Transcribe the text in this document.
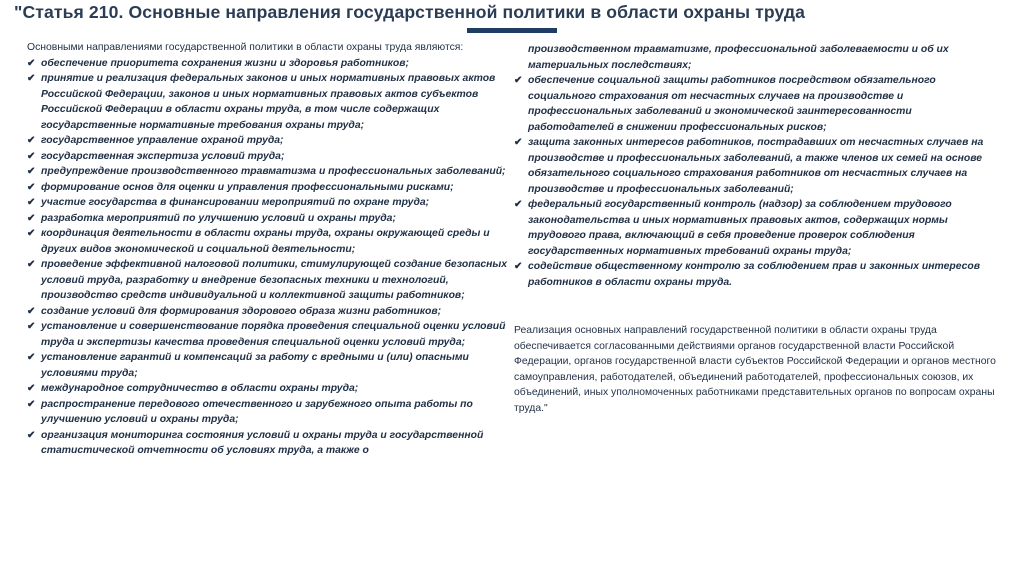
"Статья 210. Основные направления государственной политики в области охраны труда

Основными направлениями государственной политики в области охраны труда являются:

✔ обеспечение приоритета сохранения жизни и здоровья работников;
✔ принятие и реализация федеральных законов и иных нормативных правовых актов Российской Федерации, законов и иных нормативных правовых актов субъектов Российской Федерации в области охраны труда, в том числе содержащих государственные нормативные требования охраны труда;
✔ государственное управление охраной труда;
✔ государственная экспертиза условий труда;
✔ предупреждение производственного травматизма и профессиональных заболеваний;
✔ формирование основ для оценки и управления профессиональными рисками;
✔ участие государства в финансировании мероприятий по охране труда;
✔ разработка мероприятий по улучшению условий и охраны труда;
✔ координация деятельности в области охраны труда, охраны окружающей среды и других видов экономической и социальной деятельности;
✔ проведение эффективной налоговой политики, стимулирующей создание безопасных условий труда, разработку и внедрение безопасных техники и технологий, производство средств индивидуальной и коллективной защиты работников;
✔ создание условий для формирования здорового образа жизни работников;
✔ установление и совершенствование порядка проведения специальной оценки условий труда и экспертизы качества проведения специальной оценки условий труда;
✔ установление гарантий и компенсаций за работу с вредными и (или) опасными условиями труда;
✔ международное сотрудничество в области охраны труда;
✔ распространение передового отечественного и зарубежного опыта работы по улучшению условий и охраны труда;
✔ организация мониторинга состояния условий и охраны труда и государственной статистической отчетности об условиях труда, а также о
производственном травматизме, профессиональной заболеваемости и об их материальных последствиях;
✔ обеспечение социальной защиты работников посредством обязательного социального страхования от несчастных случаев на производстве и профессиональных заболеваний и экономической заинтересованности работодателей в снижении профессиональных рисков;
✔ защита законных интересов работников, пострадавших от несчастных случаев на производстве и профессиональных заболеваний, а также членов их семей на основе обязательного социального страхования работников от несчастных случаев на производстве и профессиональных заболеваний;
✔ федеральный государственный контроль (надзор) за соблюдением трудового законодательства и иных нормативных правовых актов, содержащих нормы трудового права, включающий в себя проведение проверок соблюдения государственных нормативных требований охраны труда;
✔ содействие общественному контролю за соблюдением прав и законных интересов работников в области охраны труда.

Реализация основных направлений государственной политики в области охраны труда обеспечивается согласованными действиями органов государственной власти Российской Федерации, органов государственной власти субъектов Российской Федерации и органов местного самоуправления, работодателей, объединений работодателей, профессиональных союзов, их объединений, иных уполномоченных работниками представительных органов по вопросам охраны труда."
